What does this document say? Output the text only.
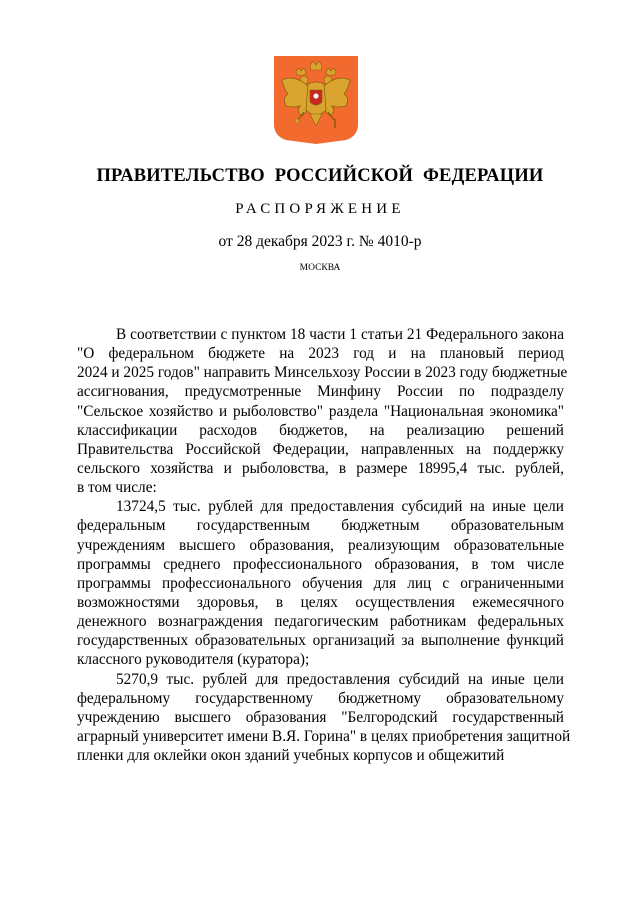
ПРАВИТЕЛЬСТВО РОССИЙСКОЙ ФЕДЕРАЦИИ
РАСПОРЯЖЕНИЕ
от 28 декабря 2023 г. № 4010-р
МОСКВА
В соответствии с пунктом 18 части 1 статьи 21 Федерального закона
"О федеральном бюджете на 2023 год и на плановый период
2024 и 2025 годов" направить Минсельхозу России в 2023 году бюджетные
ассигнования, предусмотренные Минфину России по подразделу
"Сельское хозяйство и рыболовство" раздела "Национальная экономика"
классификации расходов бюджетов, на реализацию решений
Правительства Российской Федерации, направленных на поддержку
сельского хозяйства и рыболовства, в размере 18995,4 тыс. рублей,
в том числе:
13724,5 тыс. рублей для предоставления субсидий на иные цели
федеральным государственным бюджетным образовательным
учреждениям высшего образования, реализующим образовательные
программы среднего профессионального образования, в том числе
программы профессионального обучения для лиц с ограниченными
возможностями здоровья, в целях осуществления ежемесячного
денежного вознаграждения педагогическим работникам федеральных
государственных образовательных организаций за выполнение функций
классного руководителя (куратора);
5270,9 тыс. рублей для предоставления субсидий на иные цели
федеральному государственному бюджетному образовательному
учреждению высшего образования "Белгородский государственный
аграрный университет имени В.Я. Горина" в целях приобретения защитной
пленки для оклейки окон зданий учебных корпусов и общежитий
